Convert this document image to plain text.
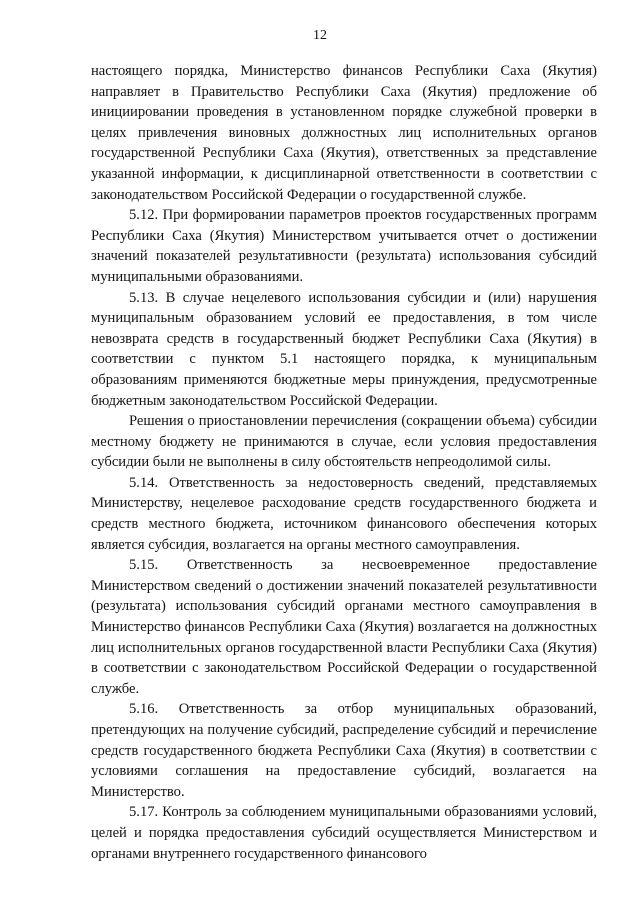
12

настоящего порядка, Министерство финансов Республики Саха (Якутия) направляет в Правительство Республики Саха (Якутия) предложение об инициировании проведения в установленном порядке служебной проверки в целях привлечения виновных должностных лиц исполнительных органов государственной Республики Саха (Якутия), ответственных за представление указанной информации, к дисциплинарной ответственности в соответствии с законодательством Российской Федерации о государственной службе.

5.12. При формировании параметров проектов государственных программ Республики Саха (Якутия) Министерством учитывается отчет о достижении значений показателей результативности (результата) использования субсидий муниципальными образованиями.

5.13. В случае нецелевого использования субсидии и (или) нарушения муниципальным образованием условий ее предоставления, в том числе невозврата средств в государственный бюджет Республики Саха (Якутия) в соответствии с пунктом 5.1 настоящего порядка, к муниципальным образованиям применяются бюджетные меры принуждения, предусмотренные бюджетным законодательством Российской Федерации.

Решения о приостановлении перечисления (сокращении объема) субсидии местному бюджету не принимаются в случае, если условия предоставления субсидии были не выполнены в силу обстоятельств непреодолимой силы.

5.14. Ответственность за недостоверность сведений, представляемых Министерству, нецелевое расходование средств государственного бюджета и средств местного бюджета, источником финансового обеспечения которых является субсидия, возлагается на органы местного самоуправления.

5.15. Ответственность за несвоевременное предоставление Министерством сведений о достижении значений показателей результативности (результата) использования субсидий органами местного самоуправления в Министерство финансов Республики Саха (Якутия) возлагается на должностных лиц исполнительных органов государственной власти Республики Саха (Якутия) в соответствии с законодательством Российской Федерации о государственной службе.

5.16. Ответственность за отбор муниципальных образований, претендующих на получение субсидий, распределение субсидий и перечисление средств государственного бюджета Республики Саха (Якутия) в соответствии с условиями соглашения на предоставление субсидий, возлагается на Министерство.

5.17. Контроль за соблюдением муниципальными образованиями условий, целей и порядка предоставления субсидий осуществляется Министерством и органами внутреннего государственного финансового
